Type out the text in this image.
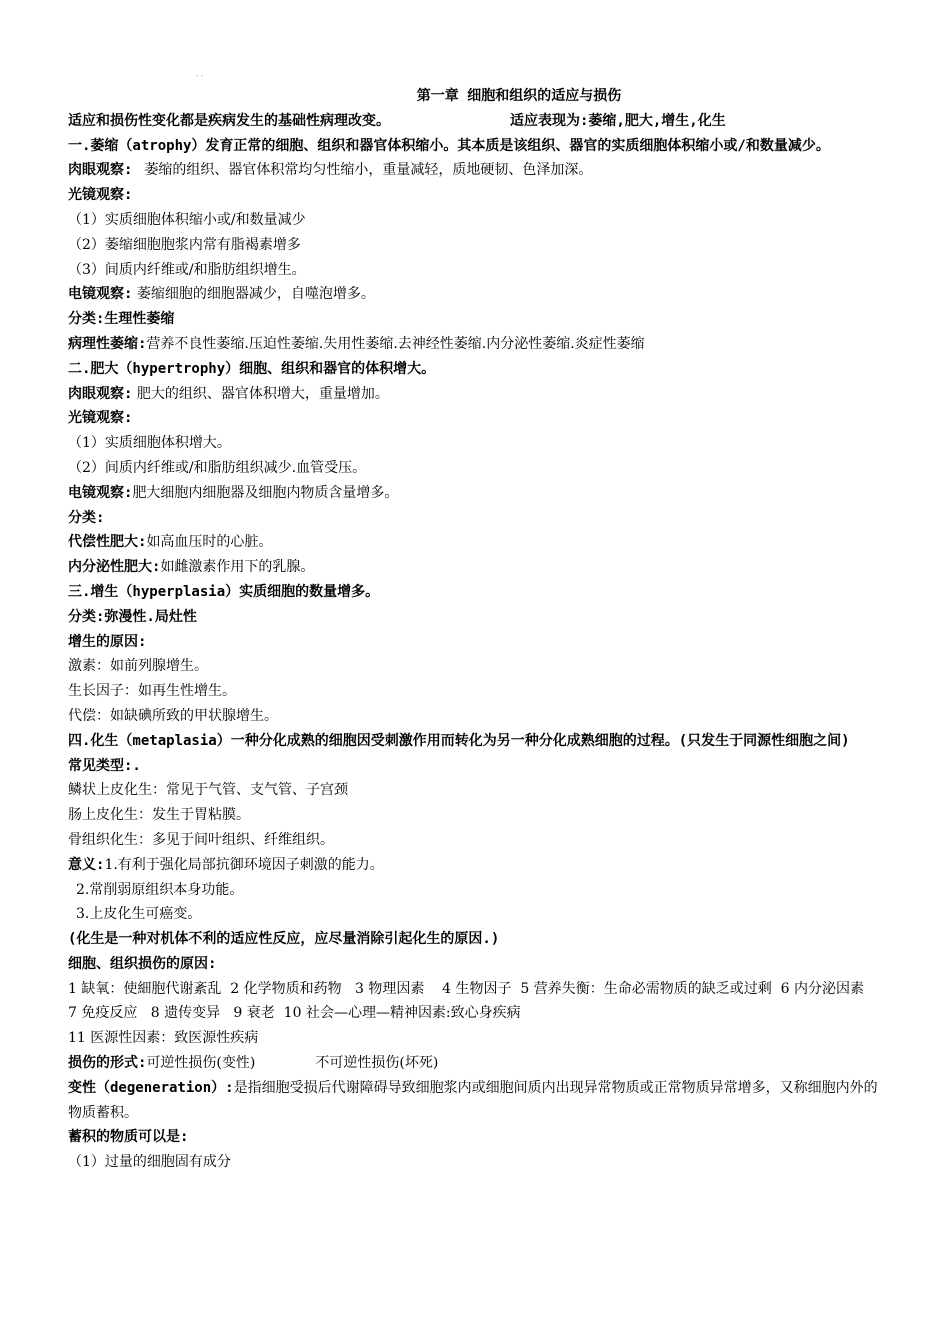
- -
第一章 细胞和组织的适应与损伤
适应和损伤性变化都是疾病发生的基础性病理改变。	适应表现为:萎缩,肥大,增生,化生
一.萎缩（atrophy）发育正常的细胞、组织和器官体积缩小。其本质是该组织、器官的实质细胞体积缩小或/和数量减少。
肉眼观察: 萎缩的组织、器官体积常均匀性缩小，重量减轻，质地硬韧、色泽加深。
光镜观察:
（1）实质细胞体积缩小或/和数量减少
（2）萎缩细胞胞浆内常有脂褐素增多
（3）间质内纤维或/和脂肪组织增生。
电镜观察: 萎缩细胞的细胞器减少，自噬泡增多。
分类:生理性萎缩
病理性萎缩:营养不良性萎缩.压迫性萎缩.失用性萎缩.去神经性萎缩.内分泌性萎缩.炎症性萎缩
二.肥大（hypertrophy）细胞、组织和器官的体积增大。
肉眼观察: 肥大的组织、器官体积增大，重量增加。
光镜观察:
（1）实质细胞体积增大。
（2）间质内纤维或/和脂肪组织减少.血管受压。
电镜观察:肥大细胞内细胞器及细胞内物质含量增多。
分类:
代偿性肥大:如高血压时的心脏。
内分泌性肥大:如雌激素作用下的乳腺。
三.增生（hyperplasia）实质细胞的数量增多。
分类:弥漫性.局灶性
增生的原因:
激素：如前列腺增生。
生长因子：如再生性增生。
代偿：如缺碘所致的甲状腺增生。
四.化生（metaplasia）一种分化成熟的细胞因受刺激作用而转化为另一种分化成熟细胞的过程。(只发生于同源性细胞之间)
常见类型:.
鳞状上皮化生：常见于气管、支气管、子宫颈
肠上皮化生：发生于胃粘膜。
骨组织化生：多见于间叶组织、纤维组织。
意义:1.有利于强化局部抗御环境因子刺激的能力。
2.常削弱原组织本身功能。
3.上皮化生可癌变。
(化生是一种对机体不利的适应性反应，应尽量消除引起化生的原因.)
细胞、组织损伤的原因:
1 缺氧：使細胞代谢紊乱  2 化学物质和药物   3 物理因素    4 生物因子  5 营养失衡：生命必需物质的缺乏或过剩  6 内分泌因素   7 免疫反应   8 遗传变异   9 衰老  10 社会—心理—精神因素:致心身疾病
11 医源性因素：致医源性疾病
损伤的形式:可逆性损伤(变性)	不可逆性损伤(坏死)
变性（degeneration）:是指细胞受损后代谢障碍导致细胞浆内或细胞间质内出现异常物质或正常物质异常增多，又称细胞内外的物质蓄积。
蓄积的物质可以是:
（1）过量的细胞固有成分
